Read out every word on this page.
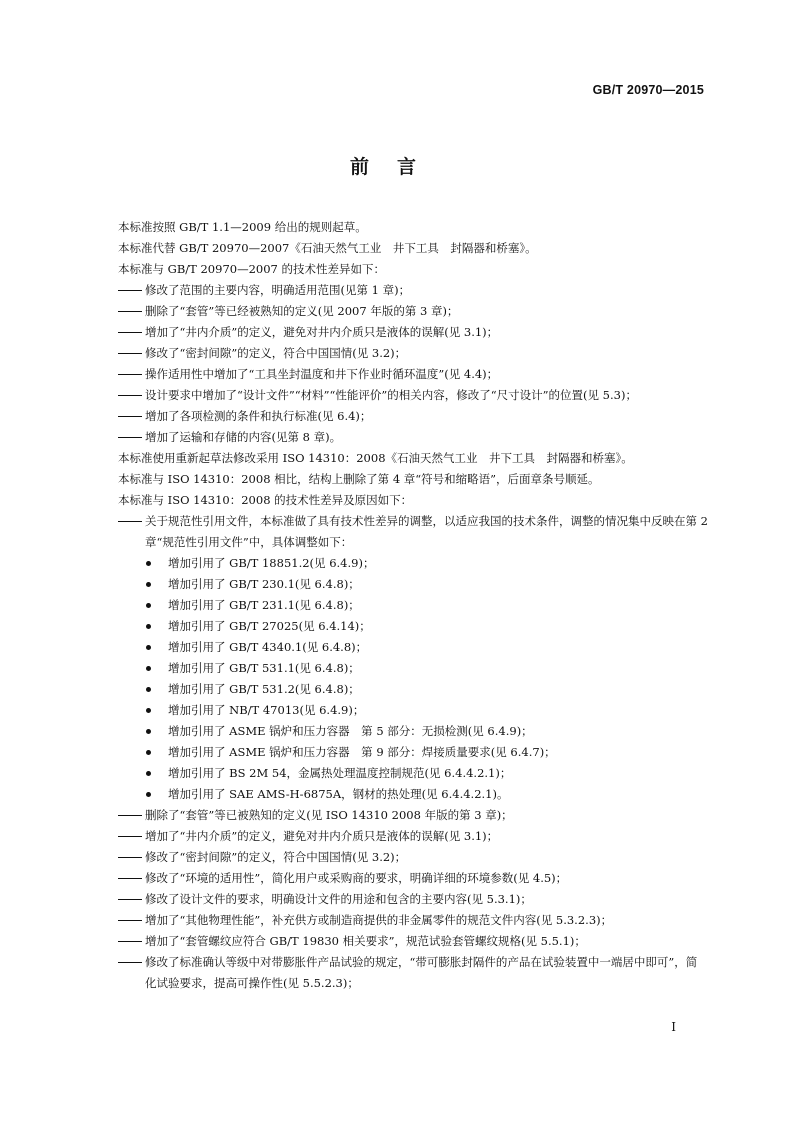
GB/T 20970—2015
前言
本标准按照 GB/T 1.1—2009 给出的规则起草。
本标准代替 GB/T 20970—2007《石油天然气工业　井下工具　封隔器和桥塞》。
本标准与 GB/T 20970—2007 的技术性差异如下：
修改了范围的主要内容，明确适用范围(见第 1 章)；
删除了“套管”等已经被熟知的定义(见 2007 年版的第 3 章)；
增加了“井内介质”的定义，避免对井内介质只是液体的误解(见 3.1)；
修改了“密封间隙”的定义，符合中国国情(见 3.2)；
操作适用性中增加了“工具坐封温度和井下作业时循环温度”(见 4.4)；
设计要求中增加了“设计文件”“材料”“性能评价”的相关内容，修改了“尺寸设计”的位置(见 5.3)；
增加了各项检测的条件和执行标准(见 6.4)；
增加了运输和存储的内容(见第 8 章)。
本标准使用重新起草法修改采用 ISO 14310：2008《石油天然气工业　井下工具　封隔器和桥塞》。
本标准与 ISO 14310：2008 相比，结构上删除了第 4 章“符号和缩略语”，后面章条号顺延。
本标准与 ISO 14310：2008 的技术性差异及原因如下：
关于规范性引用文件，本标准做了具有技术性差异的调整，以适应我国的技术条件，调整的情况集中反映在第 2 章“规范性引用文件”中，具体调整如下：
增加引用了 GB/T 18851.2(见 6.4.9)；
增加引用了 GB/T 230.1(见 6.4.8)；
增加引用了 GB/T 231.1(见 6.4.8)；
增加引用了 GB/T 27025(见 6.4.14)；
增加引用了 GB/T 4340.1(见 6.4.8)；
增加引用了 GB/T 531.1(见 6.4.8)；
增加引用了 GB/T 531.2(见 6.4.8)；
增加引用了 NB/T 47013(见 6.4.9)；
增加引用了 ASME 锅炉和压力容器　第 5 部分：无损检测(见 6.4.9)；
增加引用了 ASME 锅炉和压力容器　第 9 部分：焊接质量要求(见 6.4.7)；
增加引用了 BS 2M 54，金属热处理温度控制规范(见 6.4.4.2.1)；
增加引用了 SAE AMS-H-6875A，钢材的热处理(见 6.4.4.2.1)。
删除了“套管”等已被熟知的定义(见 ISO 14310 2008 年版的第 3 章)；
增加了“井内介质”的定义，避免对井内介质只是液体的误解(见 3.1)；
修改了“密封间隙”的定义，符合中国国情(见 3.2)；
修改了“环境的适用性”，简化用户或采购商的要求，明确详细的环境参数(见 4.5)；
修改了设计文件的要求，明确设计文件的用途和包含的主要内容(见 5.3.1)；
增加了“其他物理性能”，补充供方或制造商提供的非金属零件的规范文件内容(见 5.3.2.3)；
增加了“套管螺纹应符合 GB/T 19830 相关要求”，规范试验套管螺纹规格(见 5.5.1)；
修改了标准确认等级中对带膨胀件产品试验的规定，“带可膨胀封隔件的产品在试验装置中一端居中即可”，简化试验要求，提高可操作性(见 5.5.2.3)；
I
